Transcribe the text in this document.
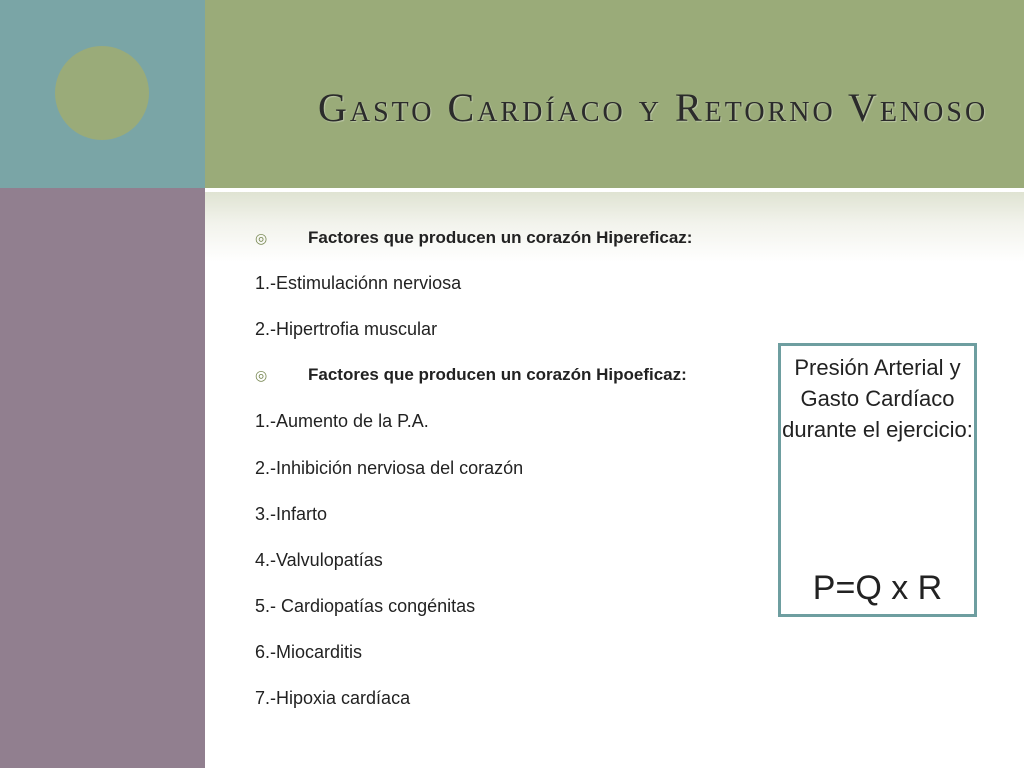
Gasto Cardíaco y Retorno Venoso
◎ Factores que producen un corazón Hipereficaz:
1.-Estimulaciónn nerviosa
2.-Hipertrofia muscular
◎ Factores que producen un corazón Hipoeficaz:
1.-Aumento de la P.A.
2.-Inhibición nerviosa del corazón
3.-Infarto
4.-Valvulopatías
5.- Cardiopatías congénitas
6.-Miocarditis
7.-Hipoxia cardíaca
Presión Arterial y Gasto Cardíaco durante el ejercicio:
P=Q x R
